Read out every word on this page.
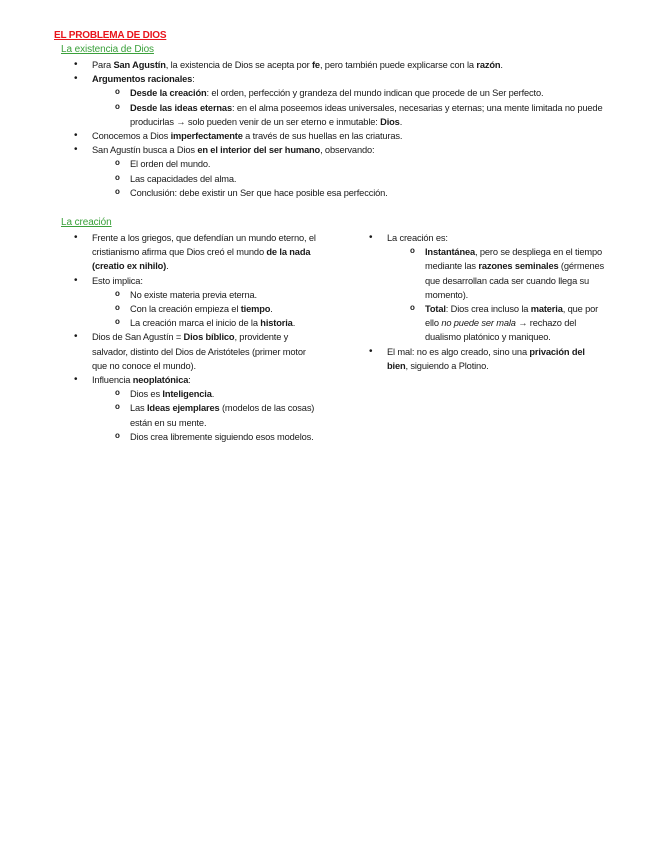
EL PROBLEMA DE DIOS
La existencia de Dios
• Para San Agustín, la existencia de Dios se acepta por fe, pero también puede explicarse con la razón.
• Argumentos racionales:
o Desde la creación: el orden, perfección y grandeza del mundo indican que procede de un Ser perfecto.
o Desde las ideas eternas: en el alma poseemos ideas universales, necesarias y eternas; una mente limitada no puede producirlas → solo pueden venir de un ser eterno e inmutable: Dios.
• Conocemos a Dios imperfectamente a través de sus huellas en las criaturas.
• San Agustín busca a Dios en el interior del ser humano, observando:
o El orden del mundo.
o Las capacidades del alma.
o Conclusión: debe existir un Ser que hace posible esa perfección.
La creación
• Frente a los griegos, que defendían un mundo eterno, el cristianismo afirma que Dios creó el mundo de la nada (creatio ex nihilo).
• Esto implica:
o No existe materia previa eterna.
o Con la creación empieza el tiempo.
o La creación marca el inicio de la historia.
• Dios de San Agustín = Dios bíblico, providente y salvador, distinto del Dios de Aristóteles (primer motor que no conoce el mundo).
• Influencia neoplatónica:
o Dios es Inteligencia.
o Las Ideas ejemplares (modelos de las cosas) están en su mente.
o Dios crea libremente siguiendo esos modelos.
• La creación es:
o Instantánea, pero se despliega en el tiempo mediante las razones seminales (gérmenes que desarrollan cada ser cuando llega su momento).
o Total: Dios crea incluso la materia, que por ello no puede ser mala → rechazo del dualismo platónico y maniqueo.
• El mal: no es algo creado, sino una privación del bien, siguiendo a Plotino.
